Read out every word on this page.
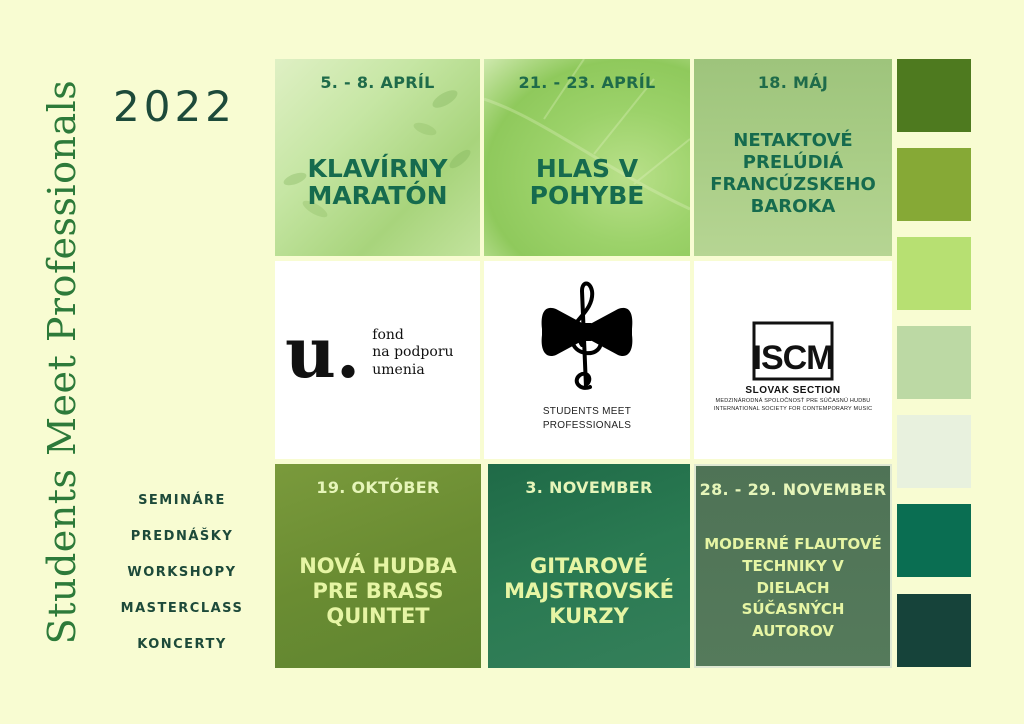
Students Meet Professionals 2022
SEMINÁRE
PREDNÁŠKY
WORKSHOPY
MASTERCLASS
KONCERTY
5. - 8. APRÍL
KLAVÍRNY
MARATÓN
21. - 23. APRÍL
HLAS V
POHYBE
18. MÁJ
NETAKTOVÉ
PRELÚDIÁ
FRANCÚZSKEHO
BAROKA
u. fond
na podporu
umenia
STUDENTS MEET
PROFESSIONALS
ISCM
SLOVAK SECTION
MEDZINÁRODNÁ SPOLOČNOSŤ PRE SÚČASNÚ HUDBU
INTERNATIONAL SOCIETY FOR CONTEMPORARY MUSIC
19. OKTÓBER
NOVÁ HUDBA
PRE BRASS
QUINTET
3. NOVEMBER
GITAROVÉ
MAJSTROVSKÉ
KURZY
28. - 29. NOVEMBER
MODERNÉ FLAUTOVÉ
TECHNIKY V DIELACH
SÚČASNÝCH
AUTOROV
